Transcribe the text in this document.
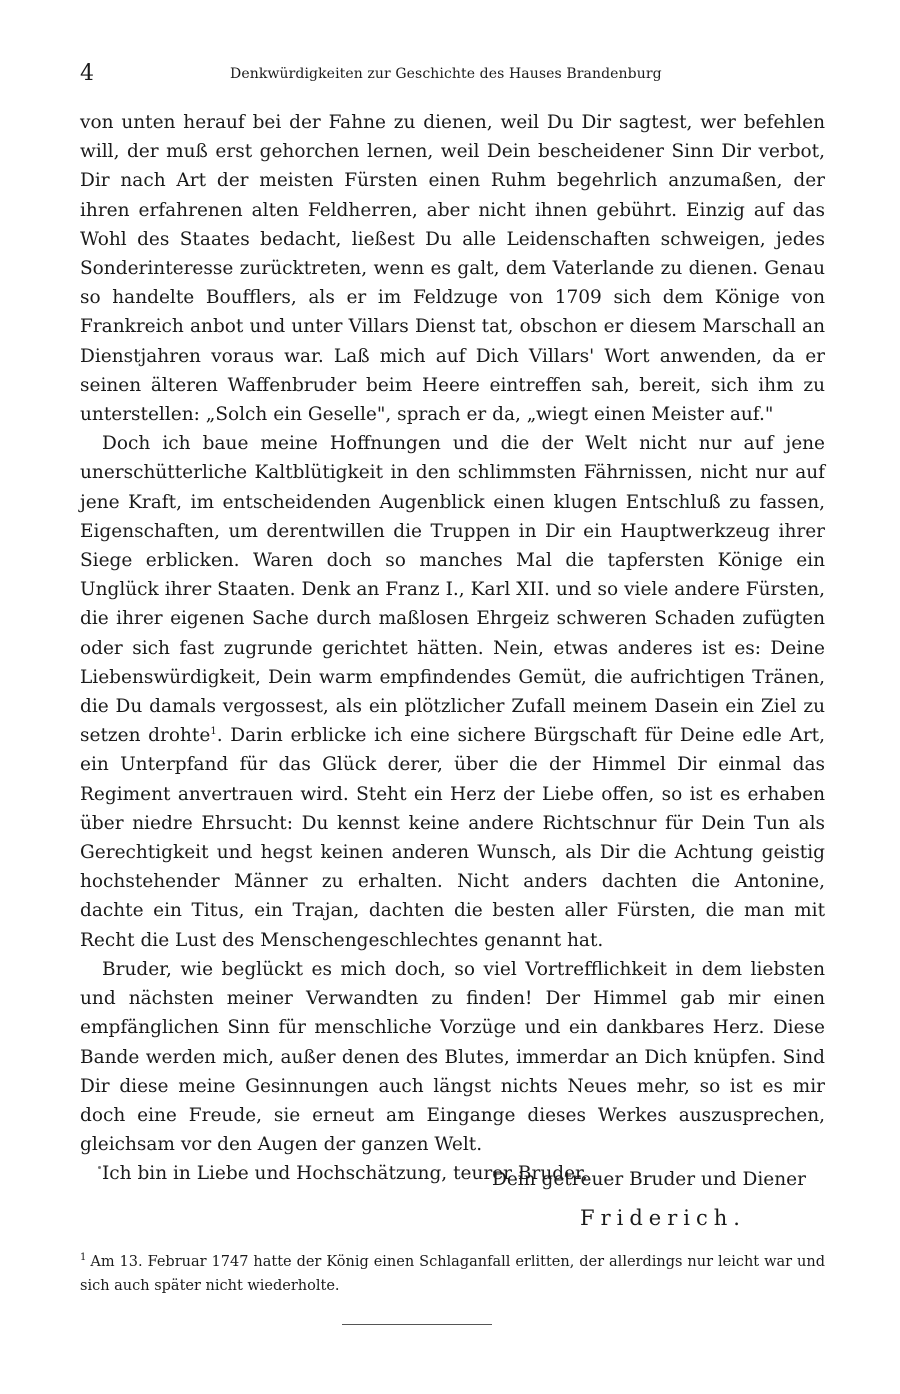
4	Denkwürdigkeiten zur Geschichte des Hauses Brandenburg

von unten herauf bei der Fahne zu dienen, weil Du Dir sagtest, wer befehlen will, der muß erst gehorchen lernen, weil Dein bescheidener Sinn Dir verbot, Dir nach Art der meisten Fürsten einen Ruhm begehrlich anzumaßen, der ihren erfahrenen alten Feldherren, aber nicht ihnen gebührt. Einzig auf das Wohl des Staates bedacht, ließest Du alle Leidenschaften schweigen, jedes Sonderinteresse zurücktreten, wenn es galt, dem Vaterlande zu dienen. Genau so handelte Boufflers, als er im Feldzuge von 1709 sich dem Könige von Frankreich anbot und unter Villars Dienst tat, obschon er diesem Marschall an Dienstjahren voraus war. Laß mich auf Dich Villars' Wort anwenden, da er seinen älteren Waffenbruder beim Heere eintreffen sah, bereit, sich ihm zu unterstellen: „Solch ein Geselle", sprach er da, „wiegt einen Meister auf."

Doch ich baue meine Hoffnungen und die der Welt nicht nur auf jene unerschütterliche Kaltblütigkeit in den schlimmsten Fährnissen, nicht nur auf jene Kraft, im entscheidenden Augenblick einen klugen Entschluß zu fassen, Eigenschaften, um derentwillen die Truppen in Dir ein Hauptwerkzeug ihrer Siege erblicken. Waren doch so manches Mal die tapfersten Könige ein Unglück ihrer Staaten. Denk an Franz I., Karl XII. und so viele andere Fürsten, die ihrer eigenen Sache durch maßlosen Ehrgeiz schweren Schaden zufügten oder sich fast zugrunde gerichtet hätten. Nein, etwas anderes ist es: Deine Liebenswürdigkeit, Dein warm empfindendes Gemüt, die aufrichtigen Tränen, die Du damals vergossest, als ein plötzlicher Zufall meinem Dasein ein Ziel zu setzen drohte$^1$. Darin erblicke ich eine sichere Bürgschaft für Deine edle Art, ein Unterpfand für das Glück derer, über die der Himmel Dir einmal das Regiment anvertrauen wird. Steht ein Herz der Liebe offen, so ist es erhaben über niedre Ehrsucht: Du kennst keine andere Richtschnur für Dein Tun als Gerechtigkeit und hegst keinen anderen Wunsch, als Dir die Achtung geistig hochstehender Männer zu erhalten. Nicht anders dachten die Antonine, dachte ein Titus, ein Trajan, dachten die besten aller Fürsten, die man mit Recht die Lust des Menschengeschlechtes genannt hat.

Bruder, wie beglückt es mich doch, so viel Vortrefflichkeit in dem liebsten und nächsten meiner Verwandten zu finden! Der Himmel gab mir einen empfänglichen Sinn für menschliche Vorzüge und ein dankbares Herz. Diese Bande werden mich, außer denen des Blutes, immerdar an Dich knüpfen. Sind Dir diese meine Gesinnungen auch längst nichts Neues mehr, so ist es mir doch eine Freude, sie erneut am Eingange dieses Werkes auszusprechen, gleichsam vor den Augen der ganzen Welt.

Ich bin in Liebe und Hochschätzung, teurer Bruder,

Dein getreuer Bruder und Diener
Friderich.
$^1$ Am 13. Februar 1747 hatte der König einen Schlaganfall erlitten, der allerdings nur leicht war und sich auch später nicht wiederholte.
